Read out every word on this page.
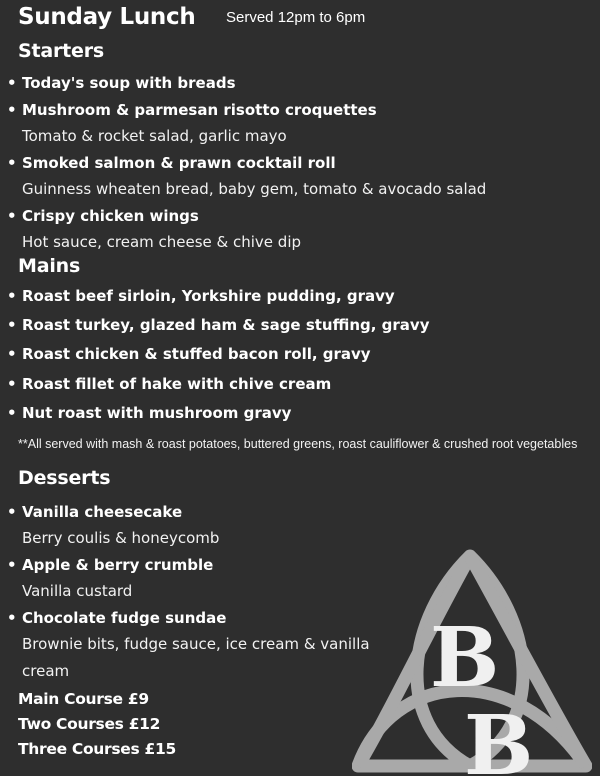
Sunday Lunch Served 12pm to 6pm
Starters
• Today's soup with breads
• Mushroom & parmesan risotto croquettes
Tomato & rocket salad, garlic mayo
• Smoked salmon & prawn cocktail roll
Guinness wheaten bread, baby gem, tomato & avocado salad
• Crispy chicken wings
Hot sauce, cream cheese & chive dip
Mains
• Roast beef sirloin, Yorkshire pudding, gravy
• Roast turkey, glazed ham & sage stuffing, gravy
• Roast chicken & stuffed bacon roll, gravy
• Roast fillet of hake with chive cream
• Nut roast with mushroom gravy
**All served with mash & roast potatoes, buttered greens, roast cauliflower & crushed root vegetables
Desserts
• Vanilla cheesecake
Berry coulis & honeycomb
• Apple & berry crumble
Vanilla custard
• Chocolate fudge sundae
Brownie bits, fudge sauce, ice cream & vanilla
cream	B
B
Main Course £9
Two Courses £12
Three Courses £15
